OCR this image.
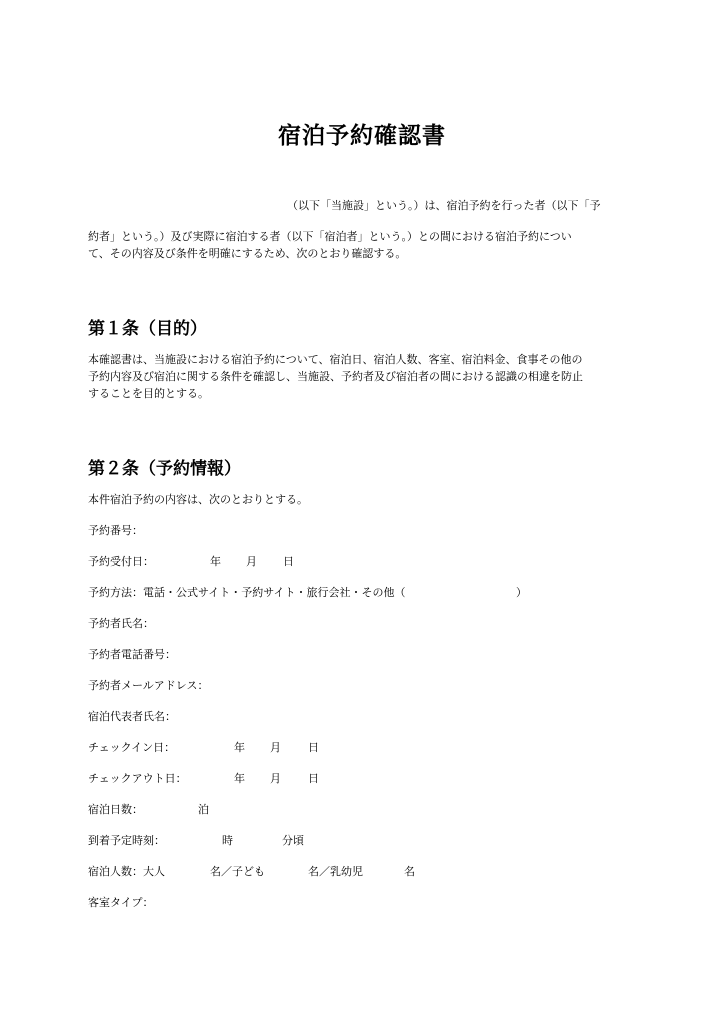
宿泊予約確認書
（以下「当施設」という。）は、宿泊予約を行った者（以下「予
約者」という。）及び実際に宿泊する者（以下「宿泊者」という。）との間における宿泊予約につい
て、その内容及び条件を明確にするため、次のとおり確認する。
第１条（目的）
本確認書は、当施設における宿泊予約について、宿泊日、宿泊人数、客室、宿泊料金、食事その他の
予約内容及び宿泊に関する条件を確認し、当施設、予約者及び宿泊者の間における認識の相違を防止
することを目的とする。
第２条（予約情報）
本件宿泊予約の内容は、次のとおりとする。
予約番号：
予約受付日：	年 月 日
予約方法：電話・公式サイト・予約サイト・旅行会社・その他（	）
予約者氏名：
予約者電話番号：
予約者メールアドレス：
宿泊代表者氏名：
チェックイン日：	年 月 日
チェックアウト日：	年 月 日
宿泊日数：	泊
到着予定時刻：	時	分頃
宿泊人数：大人	名／子ども	名／乳幼児	名
客室タイプ：
